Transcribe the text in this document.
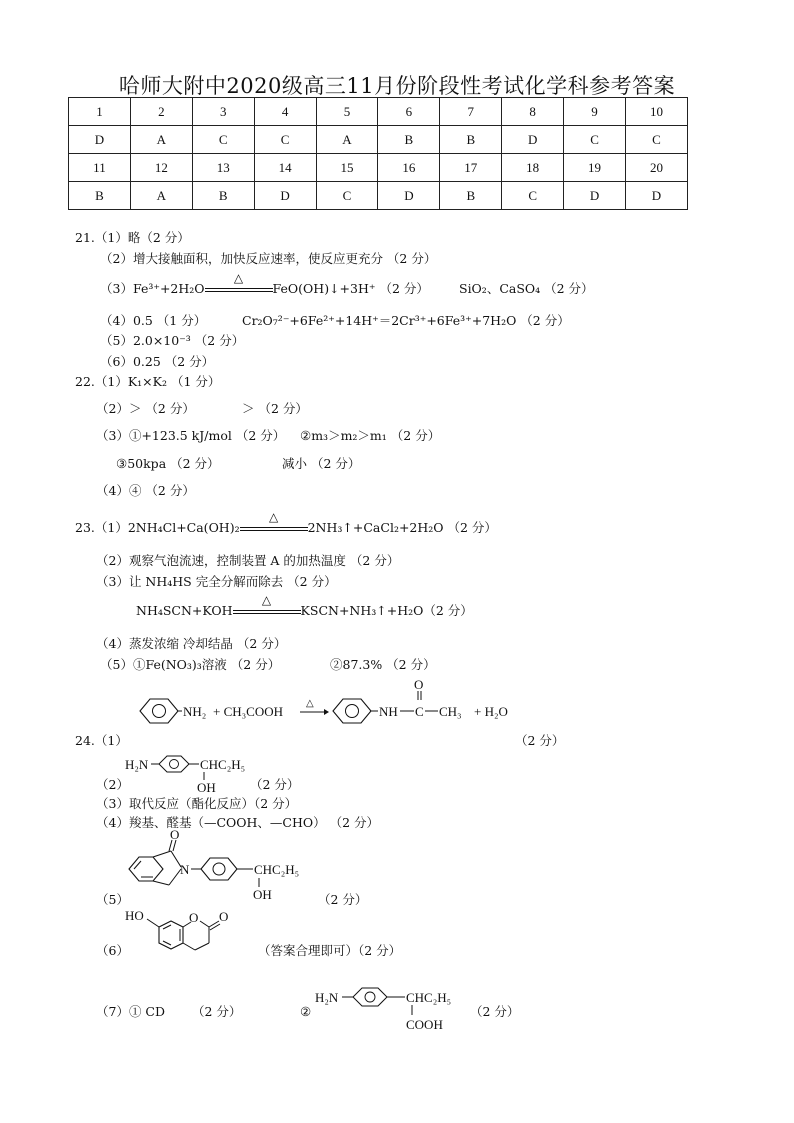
哈师大附中2020级高三11月份阶段性考试化学科参考答案
1	2	3	4	5	6	7	8	9	10
D	A	C	C	A	B	B	D	C	C
11	12	13	14	15	16	17	18	19	20
B	A	B	D	C	D	B	C	D	D
21.（1）略（2 分）
（2）增大接触面积，加快反应速率，使反应更充分 （2 分）
（3）Fe³⁺+2H₂O
△
FeO(OH)↓+3H⁺ （2 分） SiO₂、CaSO₄ （2 分）
（4）0.5 （1 分）	Cr₂O₇²⁻+6Fe²⁺+14H⁺＝2Cr³⁺+6Fe³⁺+7H₂O （2 分）
（5）2.0×10⁻³ （2 分）
（6）0.25 （2 分）
22.（1）K₁×K₂ （1 分）
（2）＞ （2 分）	＞ （2 分）
（3）①+123.5 kJ/mol （2 分） ②m₃＞m₂＞m₁ （2 分）
③50kpa （2 分）	减小 （2 分）
（4）④ （2 分）
23.（1）2NH₄Cl+Ca(OH)₂
△
2NH₃↑+CaCl₂+2H₂O （2 分）
（2）观察气泡流速，控制装置 A 的加热温度 （2 分）
（3）让 NH₄HS 完全分解而除去 （2 分）
NH₄SCN+KOH
△
KSCN+NH₃↑+H₂O（2 分）
（4）蒸发浓缩 冷却结晶 （2 分）
（5）①Fe(NO₃)₃溶液 （2 分）	②87.3% （2 分）
24.（1）	（2 分）
NH₂ + CH₃COOH
△
NH C
O
CH₃ + H₂O
（2）
H₂N	CHC₂H₅
OH	（2 分）
（3）取代反应（酯化反应）（2 分）
（4）羧基、醛基（—COOH、—CHO） （2 分）
（5）
O
N	CHC₂H₅
OH	（2 分）
（6）
HO	O O
（答案合理即可）（2 分）
（7）① CD （2 分）	②
H₂N	CHC₂H₅
COOH
（2 分）
